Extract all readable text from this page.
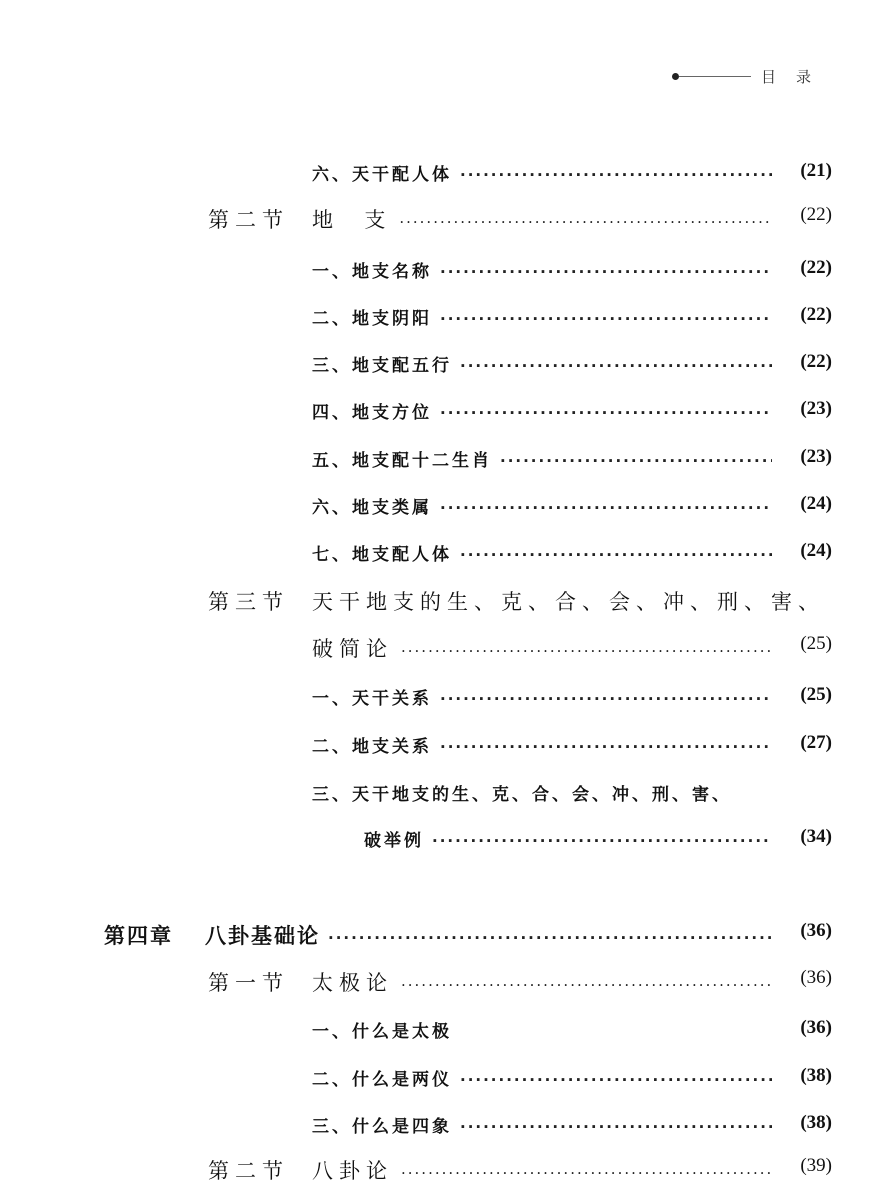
目录
六、天干配人体 ·····	(21)
第二节 地  支 ·····	(22)
一、地支名称 ·····	(22)
二、地支阴阳 ·····	(22)
三、地支配五行 ·····	(22)
四、地支方位 ·····	(23)
五、地支配十二生肖 ·····	(23)
六、地支类属 ·····	(24)
七、地支配人体 ·····	(24)
第三节 天干地支的生、克、合、会、冲、刑、害、
破简论 ·····	(25)
一、天干关系 ·····	(25)
二、地支关系 ·····	(27)
三、天干地支的生、克、合、会、冲、刑、害、
破举例 ·····	(34)
第四章 八卦基础论 ·····	(36)
第一节 太极论 ·····	(36)
一、什么是太极	(36)
二、什么是两仪 ·····	(38)
三、什么是四象 ·····	(38)
第二节 八卦论 ·····	(39)
